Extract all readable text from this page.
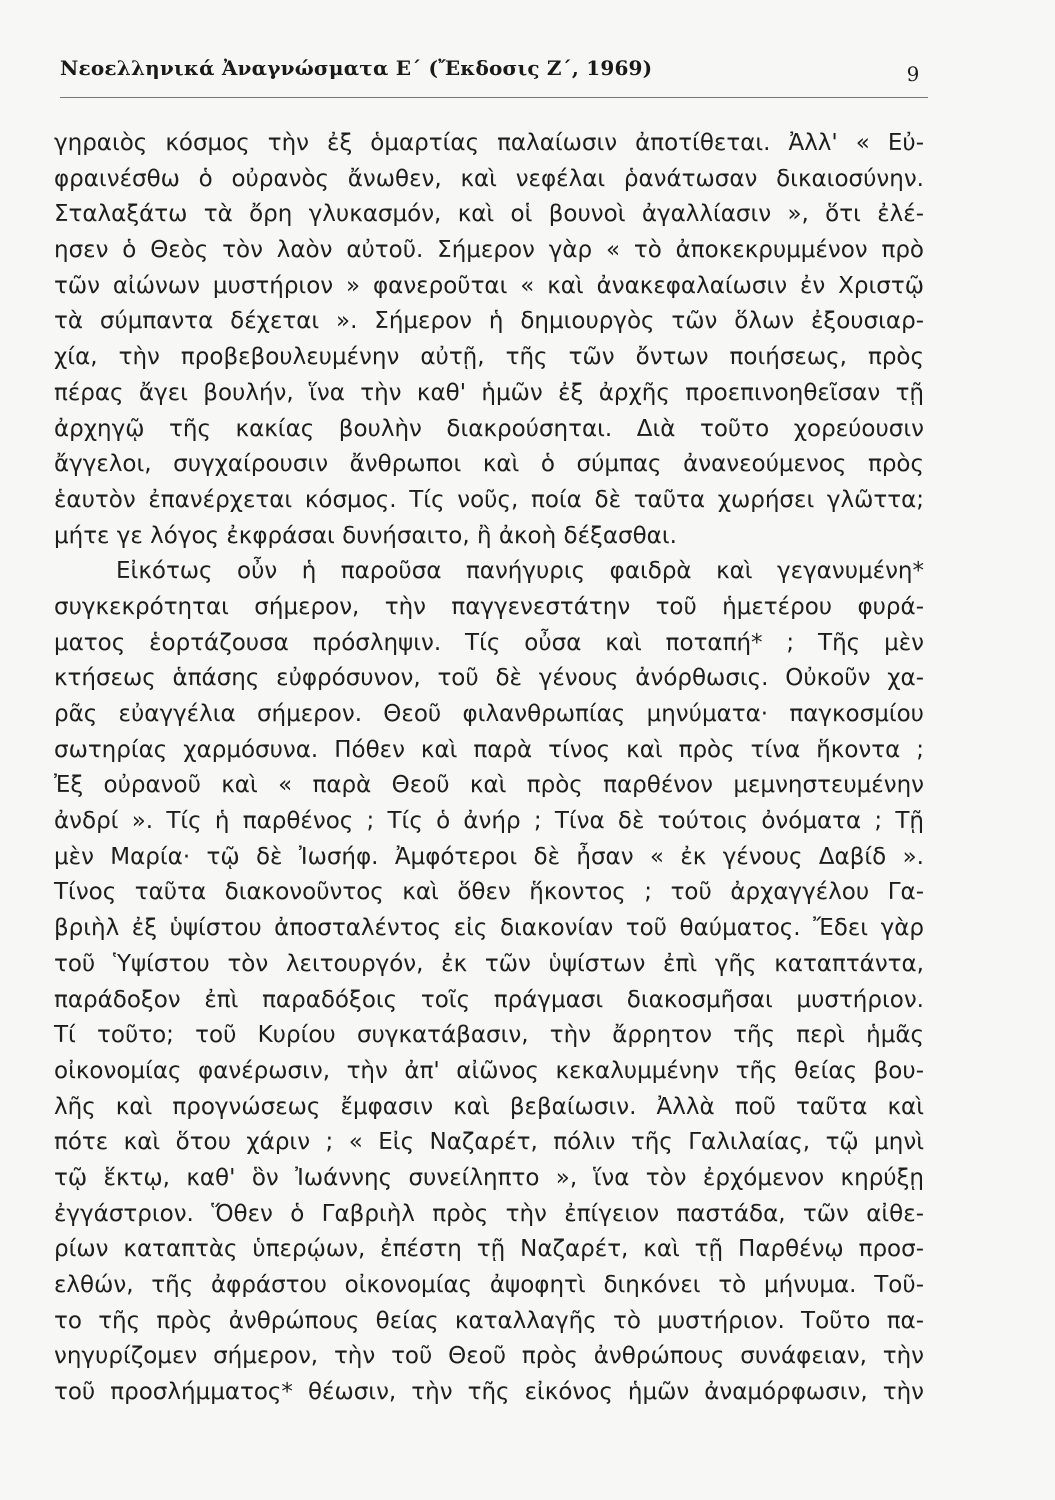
Νεοελληνικά Ἀναγνώσματα Ε΄ (Ἔκδοσις Ζ΄, 1969)	9
γηραιὸς κόσμος τὴν ἐξ ὁμαρτίας παλαίωσιν ἀποτίθεται. Ἀλλ' « Εὐ-
φραινέσθω ὁ οὐρανὸς ἄνωθεν, καὶ νεφέλαι ῥανάτωσαν δικαιοσύνην.
Σταλαξάτω τὰ ὄρη γλυκασμόν, καὶ οἱ βουνοὶ ἀγαλλίασιν », ὅτι ἐλέ-
ησεν ὁ Θεὸς τὸν λαὸν αὐτοῦ. Σήμερον γὰρ « τὸ ἀποκεκρυμμένον πρὸ
τῶν αἰώνων μυστήριον » φανεροῦται « καὶ ἀνακεφαλαίωσιν ἐν Χριστῷ
τὰ σύμπαντα δέχεται ». Σήμερον ἡ δημιουργὸς τῶν ὅλων ἐξουσιαρ-
χία, τὴν προβεβουλευμένην αὐτῇ, τῆς τῶν ὄντων ποιήσεως, πρὸς
πέρας ἄγει βουλήν, ἵνα τὴν καθ' ἡμῶν ἐξ ἀρχῆς προεπινοηθεῖσαν τῇ
ἀρχηγῷ τῆς κακίας βουλὴν διακρούσηται. Διὰ τοῦτο χορεύουσιν
ἄγγελοι, συγχαίρουσιν ἄνθρωποι καὶ ὁ σύμπας ἀνανεούμενος πρὸς
ἑαυτὸν ἐπανέρχεται κόσμος. Τίς νοῦς, ποία δὲ ταῦτα χωρήσει γλῶττα;
μήτε γε λόγος ἐκφράσαι δυνήσαιτο, ἢ ἀκοὴ δέξασθαι.
Εἰκότως οὖν ἡ παροῦσα πανήγυρις φαιδρὰ καὶ γεγανυμένη*
συγκεκρότηται σήμερον, τὴν παγγενεστάτην τοῦ ἡμετέρου φυρά-
ματος ἑορτάζουσα πρόσληψιν. Τίς οὖσα καὶ ποταπή* ; Τῆς μὲν
κτήσεως ἁπάσης εὐφρόσυνον, τοῦ δὲ γένους ἀνόρθωσις. Οὐκοῦν χα-
ρᾶς εὐαγγέλια σήμερον. Θεοῦ φιλανθρωπίας μηνύματα· παγκοσμίου
σωτηρίας χαρμόσυνα. Πόθεν καὶ παρὰ τίνος καὶ πρὸς τίνα ἥκοντα ;
Ἐξ οὐρανοῦ καὶ « παρὰ Θεοῦ καὶ πρὸς παρθένον μεμνηστευμένην
ἀνδρί ». Τίς ἡ παρθένος ; Τίς ὁ ἀνήρ ; Τίνα δὲ τούτοις ὀνόματα ; Τῇ
μὲν Μαρία· τῷ δὲ Ἰωσήφ. Ἀμφότεροι δὲ ἦσαν « ἐκ γένους Δαβίδ ».
Τίνος ταῦτα διακονοῦντος καὶ ὅθεν ἥκοντος ; τοῦ ἀρχαγγέλου Γα-
βριὴλ ἐξ ὑψίστου ἀποσταλέντος εἰς διακονίαν τοῦ θαύματος. Ἔδει γὰρ
τοῦ Ὑψίστου τὸν λειτουργόν, ἐκ τῶν ὑψίστων ἐπὶ γῆς καταπτάντα,
παράδοξον ἐπὶ παραδόξοις τοῖς πράγμασι διακοσμῆσαι μυστήριον.
Τί τοῦτο; τοῦ Κυρίου συγκατάβασιν, τὴν ἄρρητον τῆς περὶ ἡμᾶς
οἰκονομίας φανέρωσιν, τὴν ἀπ' αἰῶνος κεκαλυμμένην τῆς θείας βου-
λῆς καὶ προγνώσεως ἔμφασιν καὶ βεβαίωσιν. Ἀλλὰ ποῦ ταῦτα καὶ
πότε καὶ ὅτου χάριν ; « Εἰς Ναζαρέτ, πόλιν τῆς Γαλιλαίας, τῷ μηνὶ
τῷ ἕκτῳ, καθ' ὃν Ἰωάννης συνείληπτο », ἵνα τὸν ἐρχόμενον κηρύξῃ
ἐγγάστριον. Ὅθεν ὁ Γαβριὴλ πρὸς τὴν ἐπίγειον παστάδα, τῶν αἰθε-
ρίων καταπτὰς ὑπερῴων, ἐπέστη τῇ Ναζαρέτ, καὶ τῇ Παρθένῳ προσ-
ελθών, τῆς ἀφράστου οἰκονομίας ἀψοφητὶ διηκόνει τὸ μήνυμα. Τοῦ-
το τῆς πρὸς ἀνθρώπους θείας καταλλαγῆς τὸ μυστήριον. Τοῦτο πα-
νηγυρίζομεν σήμερον, τὴν τοῦ Θεοῦ πρὸς ἀνθρώπους συνάφειαν, τὴν
τοῦ προσλήμματος* θέωσιν, τὴν τῆς εἰκόνος ἡμῶν ἀναμόρφωσιν, τὴν
